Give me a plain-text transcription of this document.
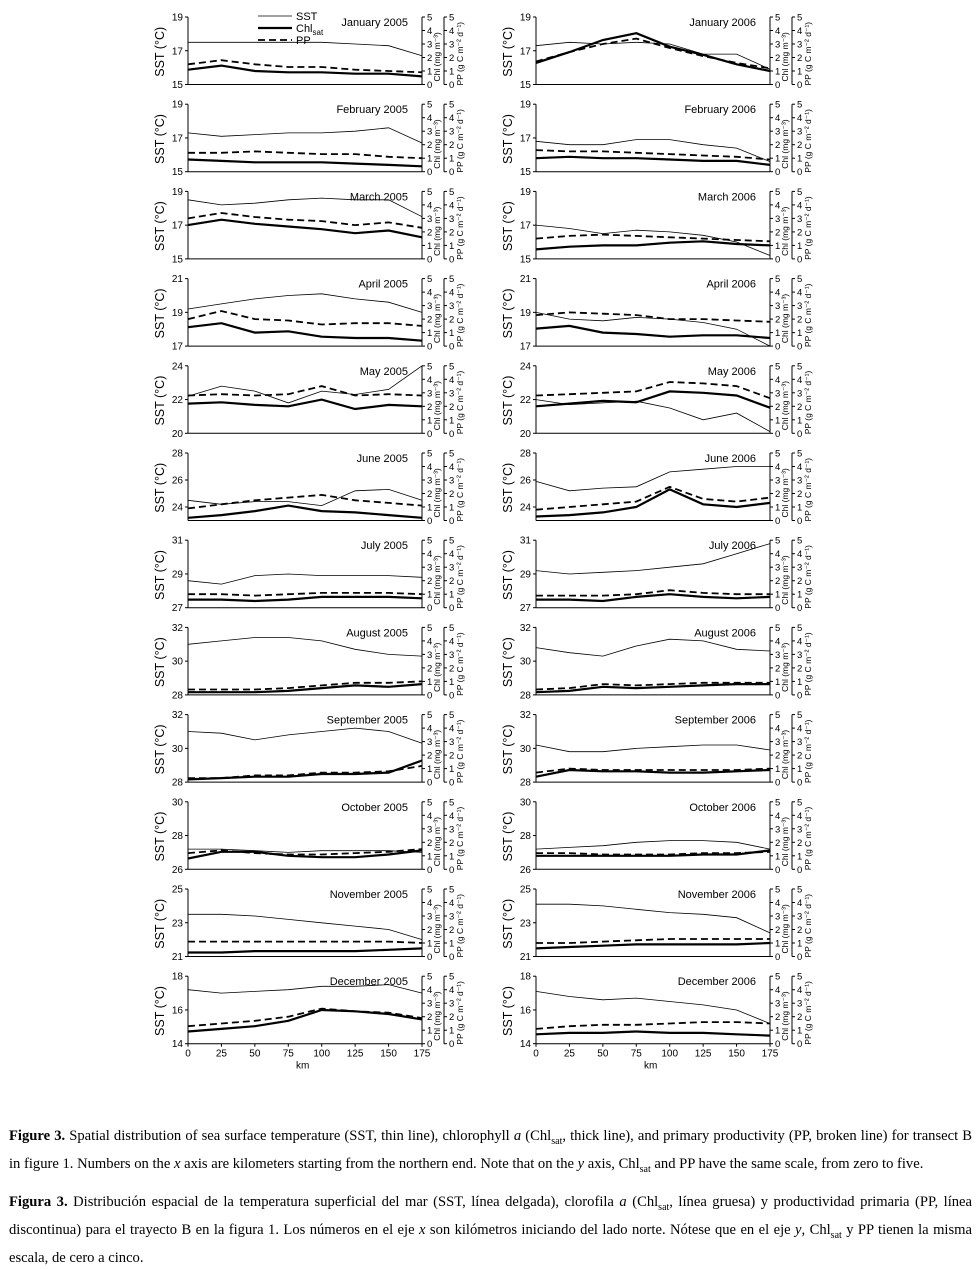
15
17
19
SST (°C)
0 0
1 1
2 2
3 3
4 4
5 5
Chl (mg m⁻³) PP (g C m⁻² d⁻¹)
January 2005
15
17
19
SST (°C)
0 0
1 1
2 2
3 3
4 4
5 5
Chl (mg m⁻³) PP (g C m⁻² d⁻¹)
February 2005
15
17
19
SST (°C)
0 0
1 1
2 2
3 3
4 4
5 5
Chl (mg m⁻³) PP (g C m⁻² d⁻¹)
March 2005
17
19
21
SST (°C)
0 0
1 1
2 2
3 3
4 4
5 5
Chl (mg m⁻³) PP (g C m⁻² d⁻¹)
April 2005
20
22
24
SST (°C)
0 0
1 1
2 2
3 3
4 4
5 5
Chl (mg m⁻³) PP (g C m⁻² d⁻¹)
May 2005
24
26
28
SST (°C)
0 0
1 1
2 2
3 3
4 4
5 5
Chl (mg m⁻³) PP (g C m⁻² d⁻¹)
June 2005
27
29
31
SST (°C)
0 0
1 1
2 2
3 3
4 4
5 5
Chl (mg m⁻³) PP (g C m⁻² d⁻¹)
July 2005
28
30
32
SST (°C)
0 0
1 1
2 2
3 3
4 4
5 5
Chl (mg m⁻³) PP (g C m⁻² d⁻¹)
August 2005
28
30
32
SST (°C)
0 0
1 1
2 2
3 3
4 4
5 5
Chl (mg m⁻³) PP (g C m⁻² d⁻¹)
September 2005
26
28
30
SST (°C)
0 0
1 1
2 2
3 3
4 4
5 5
Chl (mg m⁻³) PP (g C m⁻² d⁻¹)
October 2005
21
23
25
SST (°C)
0 0
1 1
2 2
3 3
4 4
5 5
Chl (mg m⁻³) PP (g C m⁻² d⁻¹)
November 2005
14
16
18
SST (°C)
0 0
1 1
2 2
3 3
4 4
5 5
Chl (mg m⁻³) PP (g C m⁻² d⁻¹)
December 2005
0	25 50 75 100 125 150 175
km
15
17
19
SST (°C)
0 0
1 1
2 2
3 3
4 4
5 5
Chl (mg m⁻³) PP (g C m⁻² d⁻¹)
January 2006
15
17
19
SST (°C)
0 0
1 1
2 2
3 3
4 4
5 5
Chl (mg m⁻³) PP (g C m⁻² d⁻¹)
February 2006
15
17
19
SST (°C)
0 0
1 1
2 2
3 3
4 4
5 5
Chl (mg m⁻³) PP (g C m⁻² d⁻¹)
March 2006
17
19
21
SST (°C)
0 0
1 1
2 2
3 3
4 4
5 5
Chl (mg m⁻³) PP (g C m⁻² d⁻¹)
April 2006
20
22
24
SST (°C)
0 0
1 1
2 2
3 3
4 4
5 5
Chl (mg m⁻³) PP (g C m⁻² d⁻¹)
May 2006
24
26
28
SST (°C)
0 0
1 1
2 2
3 3
4 4
5 5
Chl (mg m⁻³) PP (g C m⁻² d⁻¹)
June 2006
27
29
31
SST (°C)
0 0
1 1
2 2
3 3
4 4
5 5
Chl (mg m⁻³) PP (g C m⁻² d⁻¹)
July 2006
28
30
32
SST (°C)
0 0
1 1
2 2
3 3
4 4
5 5
Chl (mg m⁻³) PP (g C m⁻² d⁻¹)
August 2006
28
30
32
SST (°C)
0 0
1 1
2 2
3 3
4 4
5 5
Chl (mg m⁻³) PP (g C m⁻² d⁻¹)
September 2006
26
28
30
SST (°C)
0 0
1 1
2 2
3 3
4 4
5 5
Chl (mg m⁻³) PP (g C m⁻² d⁻¹)
October 2006
21
23
25
SST (°C)
0 0
1 1
2 2
3 3
4 4
5 5
Chl (mg m⁻³) PP (g C m⁻² d⁻¹)
November 2006
14
16
18
SST (°C)
0 0
1 1
2 2
3 3
4 4
5 5
Chl (mg m⁻³) PP (g C m⁻² d⁻¹)
December 2006
0	25 50 75 100 125 150 175
km
SST
Chl$_{sat}$
PP
Figure 3. Spatial distribution of sea surface temperature (SST, thin line), chlorophyll a (Chl$_{sat}$, thick line), and primary productivity (PP, broken line) for transect B in figure 1. Numbers on the x axis are kilometers starting from the northern end. Note that on the y axis, Chl$_{sat}$ and PP have the same scale, from zero to five.
Figura 3. Distribución espacial de la temperatura superficial del mar (SST, línea delgada), clorofila a (Chl$_{sat}$, línea gruesa) y productividad primaria (PP, línea discontinua) para el trayecto B en la figura 1. Los números en el eje x son kilómetros iniciando del lado norte. Nótese que en el eje y, Chl$_{sat}$ y PP tienen la misma escala, de cero a cinco.
